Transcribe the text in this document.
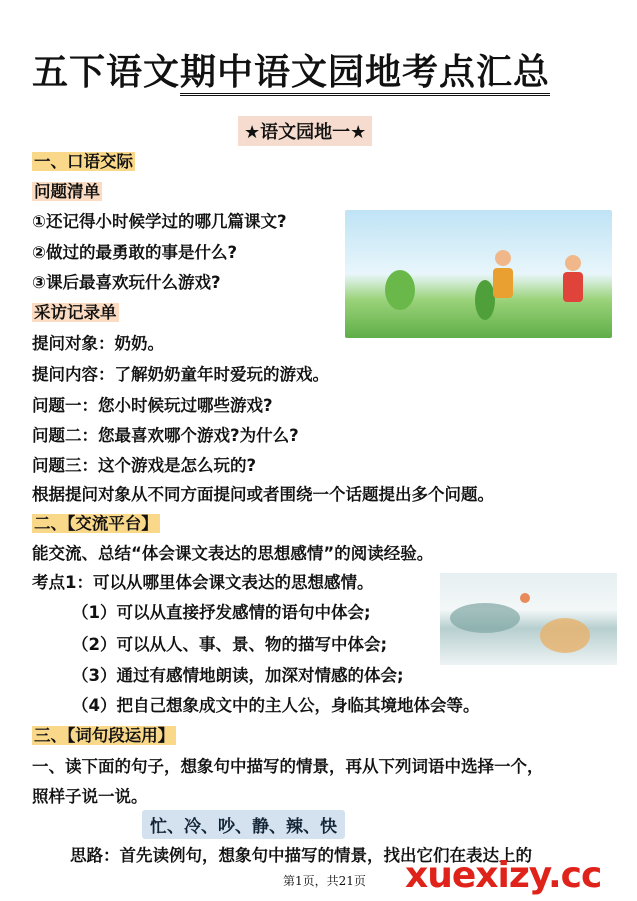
五下语文期中语文园地考点汇总
★语文园地一★
一、口语交际
问题清单
①还记得小时候学过的哪几篇课文?
②做过的最勇敢的事是什么?
③课后最喜欢玩什么游戏?
采访记录单
提问对象：奶奶。
提问内容：了解奶奶童年时爱玩的游戏。
问题一：您小时候玩过哪些游戏?
问题二：您最喜欢哪个游戏?为什么?
问题三：这个游戏是怎么玩的?
根据提问对象从不同方面提问或者围绕一个话题提出多个问题。
二、【交流平台】
能交流、总结“体会课文表达的思想感情”的阅读经验。
考点1：可以从哪里体会课文表达的思想感情。
（1）可以从直接抒发感情的语句中体会;
（2）可以从人、事、景、物的描写中体会;
（3）通过有感情地朗读，加深对情感的体会;
（4）把自己想象成文中的主人公，身临其境地体会等。
三、【词句段运用】
一、读下面的句子，想象句中描写的情景，再从下列词语中选择一个，
照样子说一说。
忙、冷、吵、静、辣、快
思路：首先读例句，想象句中描写的情景，找出它们在表达上的
第1页，共21页 xuexizy.cc
